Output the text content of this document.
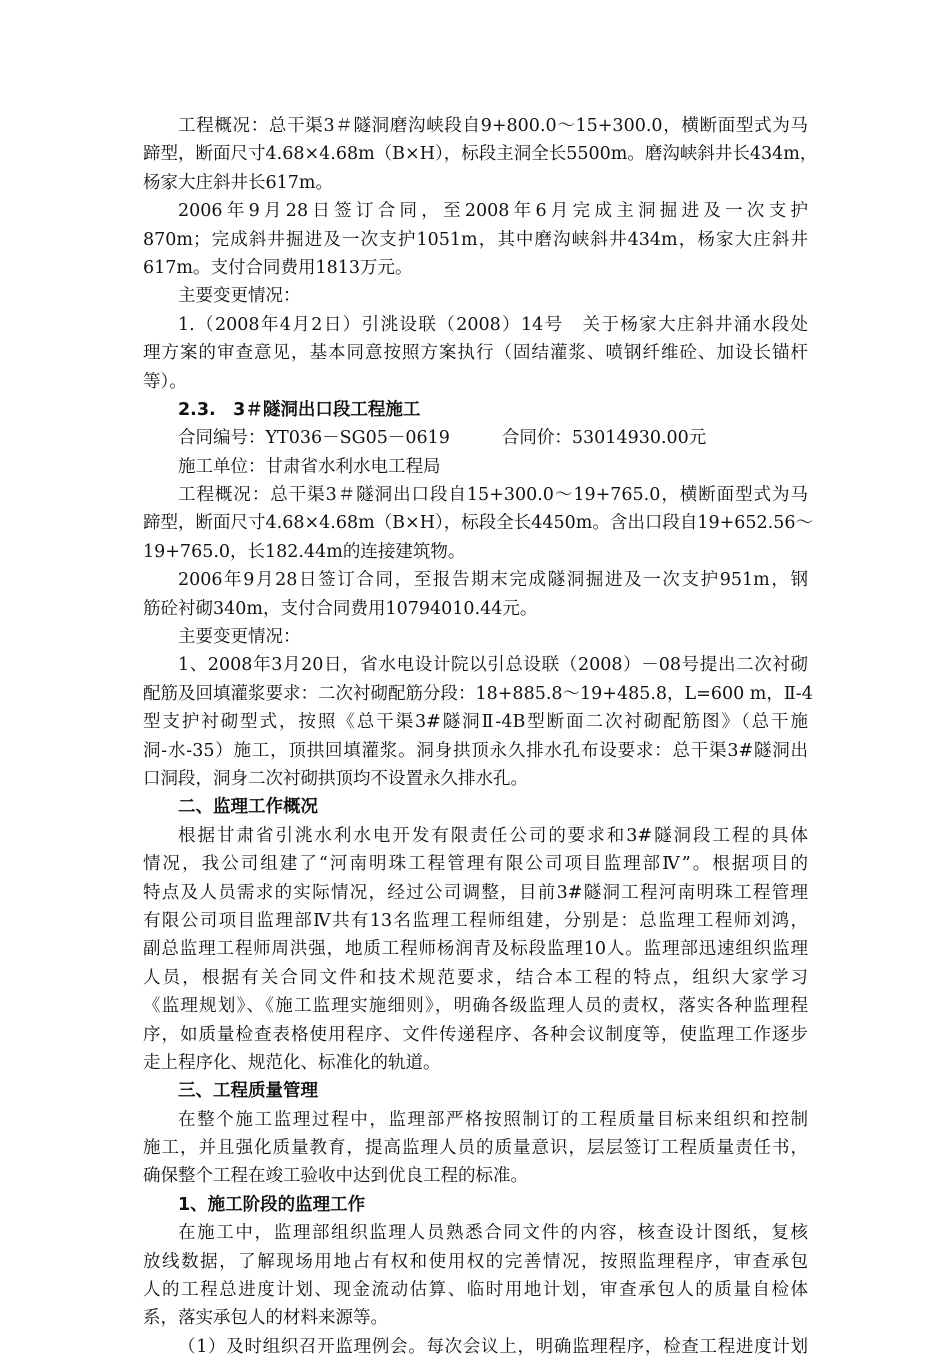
工程概况：总干渠3＃隧洞磨沟峡段自9+800.0～15+300.0，横断面型式为马
蹄型，断面尺寸4.68×4.68m（B×H），标段主洞全长5500m。磨沟峡斜井长434m，
杨家大庄斜井长617m。
2006年9月28日签订合同，至2008年6月完成主洞掘进及一次支护
870m；完成斜井掘进及一次支护1051m，其中磨沟峡斜井434m，杨家大庄斜井
617m。支付合同费用1813万元。
主要变更情况：
1.（2008年4月2日）引洮设联（2008）14号　关于杨家大庄斜井涌水段处
理方案的审查意见，基本同意按照方案执行（固结灌浆、喷钢纤维砼、加设长锚杆
等）。
2.3.　3＃隧洞出口段工程施工
合同编号：YT036－SG05－0619	合同价：53014930.00元
施工单位：甘肃省水利水电工程局
工程概况：总干渠3＃隧洞出口段自15+300.0～19+765.0，横断面型式为马
蹄型，断面尺寸4.68×4.68m（B×H），标段全长4450m。含出口段自19+652.56～
19+765.0，长182.44m的连接建筑物。
2006年9月28日签订合同，至报告期末完成隧洞掘进及一次支护951m，钢
筋砼衬砌340m，支付合同费用10794010.44元。
主要变更情况：
1、2008年3月20日，省水电设计院以引总设联（2008）－08号提出二次衬砌
配筋及回填灌浆要求：二次衬砌配筋分段：18+885.8～19+485.8，L=600 m，Ⅱ-4
型支护衬砌型式，按照《总干渠3#隧洞Ⅱ-4B型断面二次衬砌配筋图》（总干施
洞-水-35）施工，顶拱回填灌浆。洞身拱顶永久排水孔布设要求：总干渠3#隧洞出
口洞段，洞身二次衬砌拱顶均不设置永久排水孔。
二、监理工作概况
根据甘肃省引洮水利水电开发有限责任公司的要求和3#隧洞段工程的具体
情况，我公司组建了“河南明珠工程管理有限公司项目监理部Ⅳ”。根据项目的
特点及人员需求的实际情况，经过公司调整，目前3#隧洞工程河南明珠工程管理
有限公司项目监理部Ⅳ共有13名监理工程师组建，分别是：总监理工程师刘鸿，
副总监理工程师周洪强，地质工程师杨润青及标段监理10人。监理部迅速组织监理
人员，根据有关合同文件和技术规范要求，结合本工程的特点，组织大家学习
《监理规划》、《施工监理实施细则》，明确各级监理人员的责权，落实各种监理程
序，如质量检查表格使用程序、文件传递程序、各种会议制度等，使监理工作逐步
走上程序化、规范化、标准化的轨道。
三、工程质量管理
在整个施工监理过程中，监理部严格按照制订的工程质量目标来组织和控制
施工，并且强化质量教育，提高监理人员的质量意识，层层签订工程质量责任书，
确保整个工程在竣工验收中达到优良工程的标准。
1、施工阶段的监理工作
在施工中，监理部组织监理人员熟悉合同文件的内容，核查设计图纸，复核
放线数据，了解现场用地占有权和使用权的完善情况，按照监理程序，审查承包
人的工程总进度计划、现金流动估算、临时用地计划，审查承包人的质量自检体
系，落实承包人的材料来源等。
（1）及时组织召开监理例会。每次会议上，明确监理程序，检查工程进度计划
